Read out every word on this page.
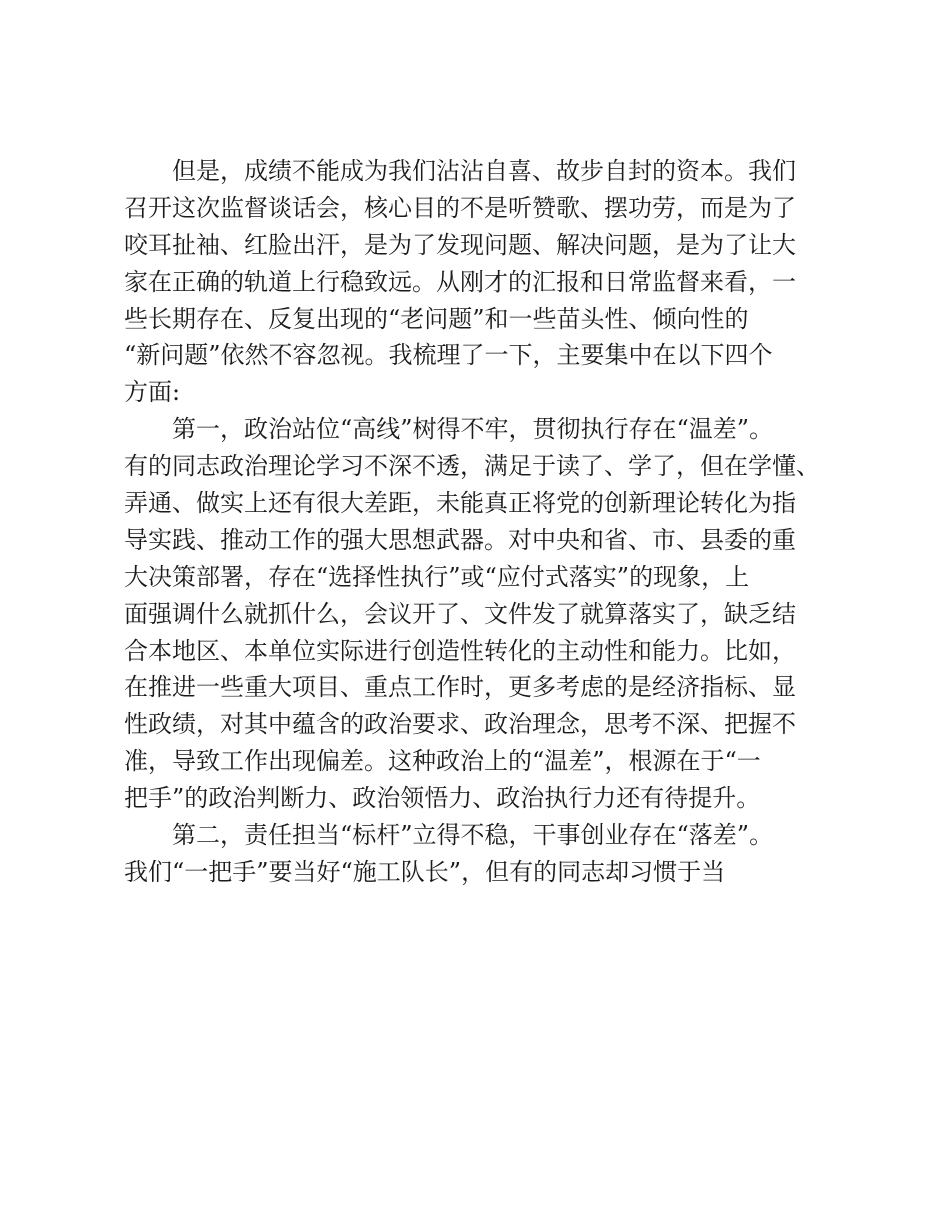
但是，成绩不能成为我们沾沾自喜、故步自封的资本。我们
召开这次监督谈话会，核心目的不是听赞歌、摆功劳，而是为了
咬耳扯袖、红脸出汗，是为了发现问题、解决问题，是为了让大
家在正确的轨道上行稳致远。从刚才的汇报和日常监督来看，一
些长期存在、反复出现的“老问题”和一些苗头性、倾向性的
“新问题”依然不容忽视。我梳理了一下，主要集中在以下四个
方面:
第一，政治站位“高线”树得不牢，贯彻执行存在“温差”。
有的同志政治理论学习不深不透，满足于读了、学了，但在学懂、
弄通、做实上还有很大差距，未能真正将党的创新理论转化为指
导实践、推动工作的强大思想武器。对中央和省、市、县委的重
大决策部署，存在“选择性执行”或“应付式落实”的现象，上
面强调什么就抓什么，会议开了、文件发了就算落实了，缺乏结
合本地区、本单位实际进行创造性转化的主动性和能力。比如，
在推进一些重大项目、重点工作时，更多考虑的是经济指标、显
性政绩，对其中蕴含的政治要求、政治理念，思考不深、把握不
准，导致工作出现偏差。这种政治上的“温差”，根源在于“一
把手”的政治判断力、政治领悟力、政治执行力还有待提升。
第二，责任担当“标杆”立得不稳，干事创业存在“落差”。
我们“一把手”要当好“施工队长”，但有的同志却习惯于当
